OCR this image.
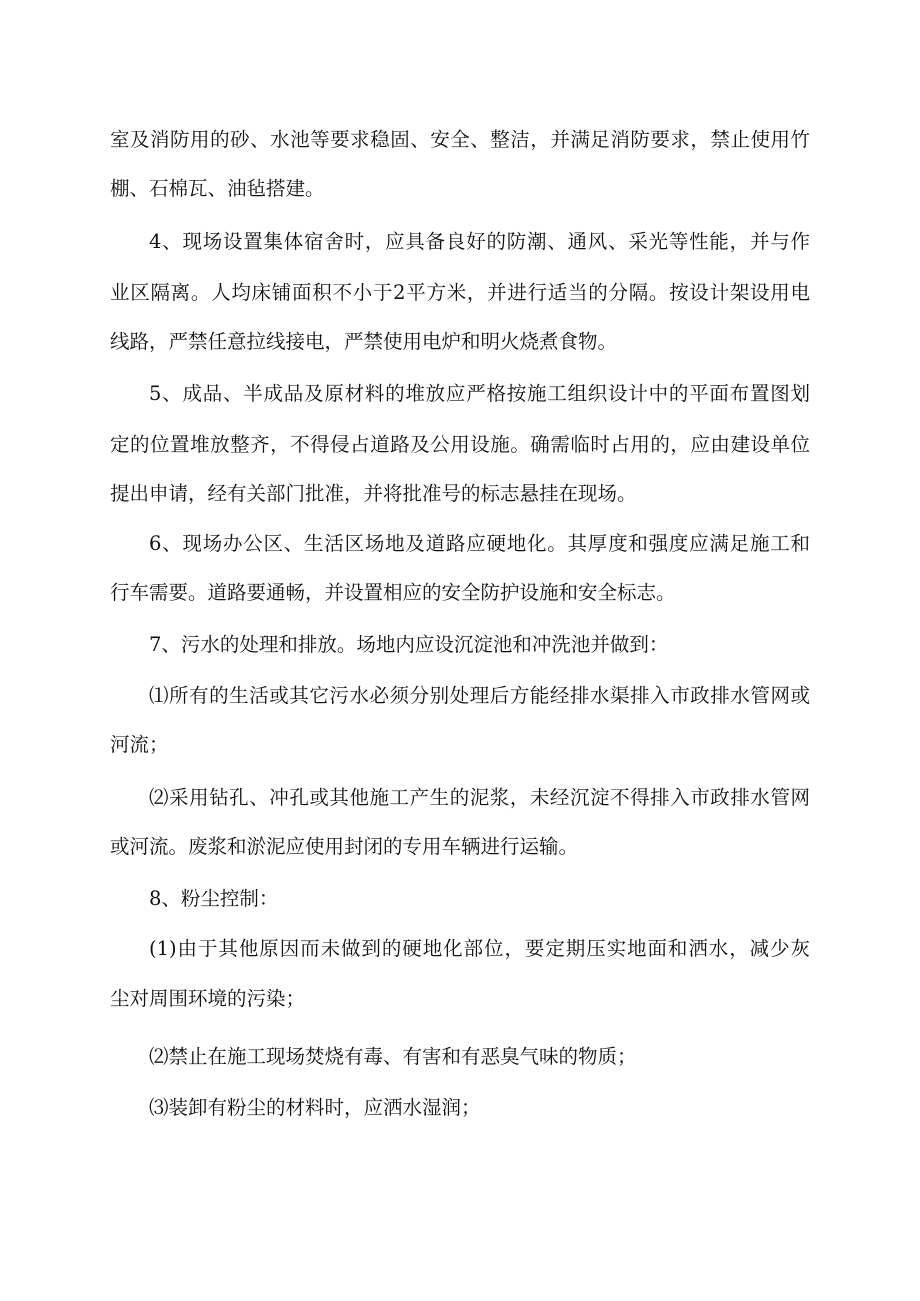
室及消防用的砂、水池等要求稳固、安全、整洁，并满足消防要求，禁止使用竹

棚、石棉瓦、油毡搭建。

4、现场设置集体宿舍时，应具备良好的防潮、通风、采光等性能，并与作

业区隔离。人均床铺面积不小于2平方米，并进行适当的分隔。按设计架设用电

线路，严禁任意拉线接电，严禁使用电炉和明火烧煮食物。

5、成品、半成品及原材料的堆放应严格按施工组织设计中的平面布置图划

定的位置堆放整齐，不得侵占道路及公用设施。确需临时占用的，应由建设单位

提出申请，经有关部门批准，并将批准号的标志悬挂在现场。

6、现场办公区、生活区场地及道路应硬地化。其厚度和强度应满足施工和

行车需要。道路要通畅，并设置相应的安全防护设施和安全标志。

7、污水的处理和排放。场地内应设沉淀池和冲洗池并做到：

⑴所有的生活或其它污水必须分别处理后方能经排水渠排入市政排水管网或

河流；

⑵采用钻孔、冲孔或其他施工产生的泥浆，未经沉淀不得排入市政排水管网

或河流。废浆和淤泥应使用封闭的专用车辆进行运输。

8、粉尘控制：

(1)由于其他原因而未做到的硬地化部位，要定期压实地面和洒水，减少灰

尘对周围环境的污染；

⑵禁止在施工现场焚烧有毒、有害和有恶臭气味的物质；

⑶装卸有粉尘的材料时，应洒水湿润；
